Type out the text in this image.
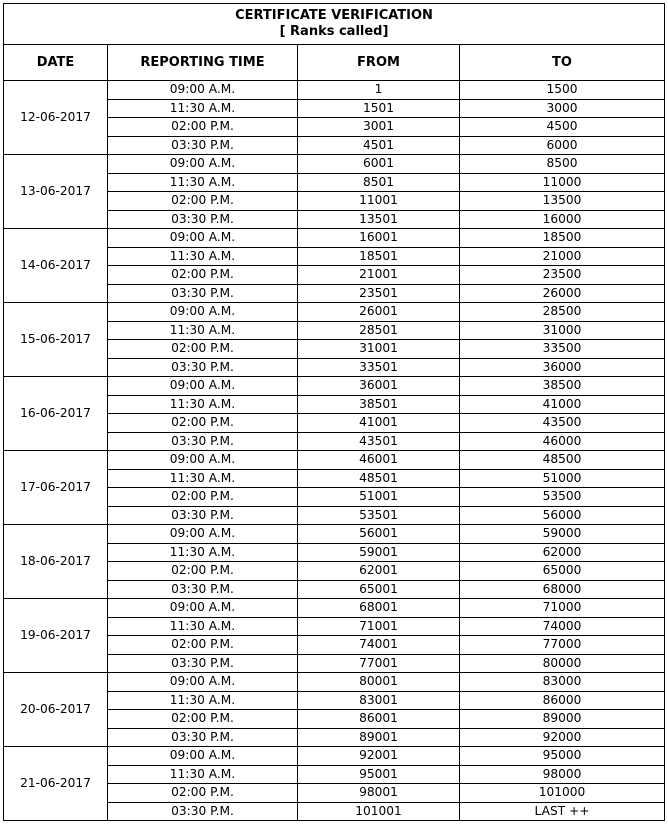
CERTIFICATE VERIFICATION
[ Ranks called]			

DATE	REPORTING TIME	FROM	TO
12-06-2017	09:00 A.M.	1	1500
	11:30 A.M.	1501	3000
	02:00 P.M.	3001	4500
	03:30 P.M.	4501	6000
13-06-2017	09:00 A.M.	6001	8500
	11:30 A.M.	8501	11000
	02:00 P.M.	11001	13500
	03:30 P.M.	13501	16000
14-06-2017	09:00 A.M.	16001	18500
	11:30 A.M.	18501	21000
	02:00 P.M.	21001	23500
	03:30 P.M.	23501	26000
15-06-2017	09:00 A.M.	26001	28500
	11:30 A.M.	28501	31000
	02:00 P.M.	31001	33500
	03:30 P.M.	33501	36000
16-06-2017	09:00 A.M.	36001	38500
	11:30 A.M.	38501	41000
	02:00 P.M.	41001	43500
	03:30 P.M.	43501	46000
17-06-2017	09:00 A.M.	46001	48500
	11:30 A.M.	48501	51000
	02:00 P.M.	51001	53500
	03:30 P.M.	53501	56000
18-06-2017	09:00 A.M.	56001	59000
	11:30 A.M.	59001	62000
	02:00 P.M.	62001	65000
	03:30 P.M.	65001	68000
19-06-2017	09:00 A.M.	68001	71000
	11:30 A.M.	71001	74000
	02:00 P.M.	74001	77000
	03:30 P.M.	77001	80000
20-06-2017	09:00 A.M.	80001	83000
	11:30 A.M.	83001	86000
	02:00 P.M.	86001	89000
	03:30 P.M.	89001	92000
21-06-2017	09:00 A.M.	92001	95000
	11:30 A.M.	95001	98000
	02:00 P.M.	98001	101000
	03:30 P.M.	101001	LAST ++
